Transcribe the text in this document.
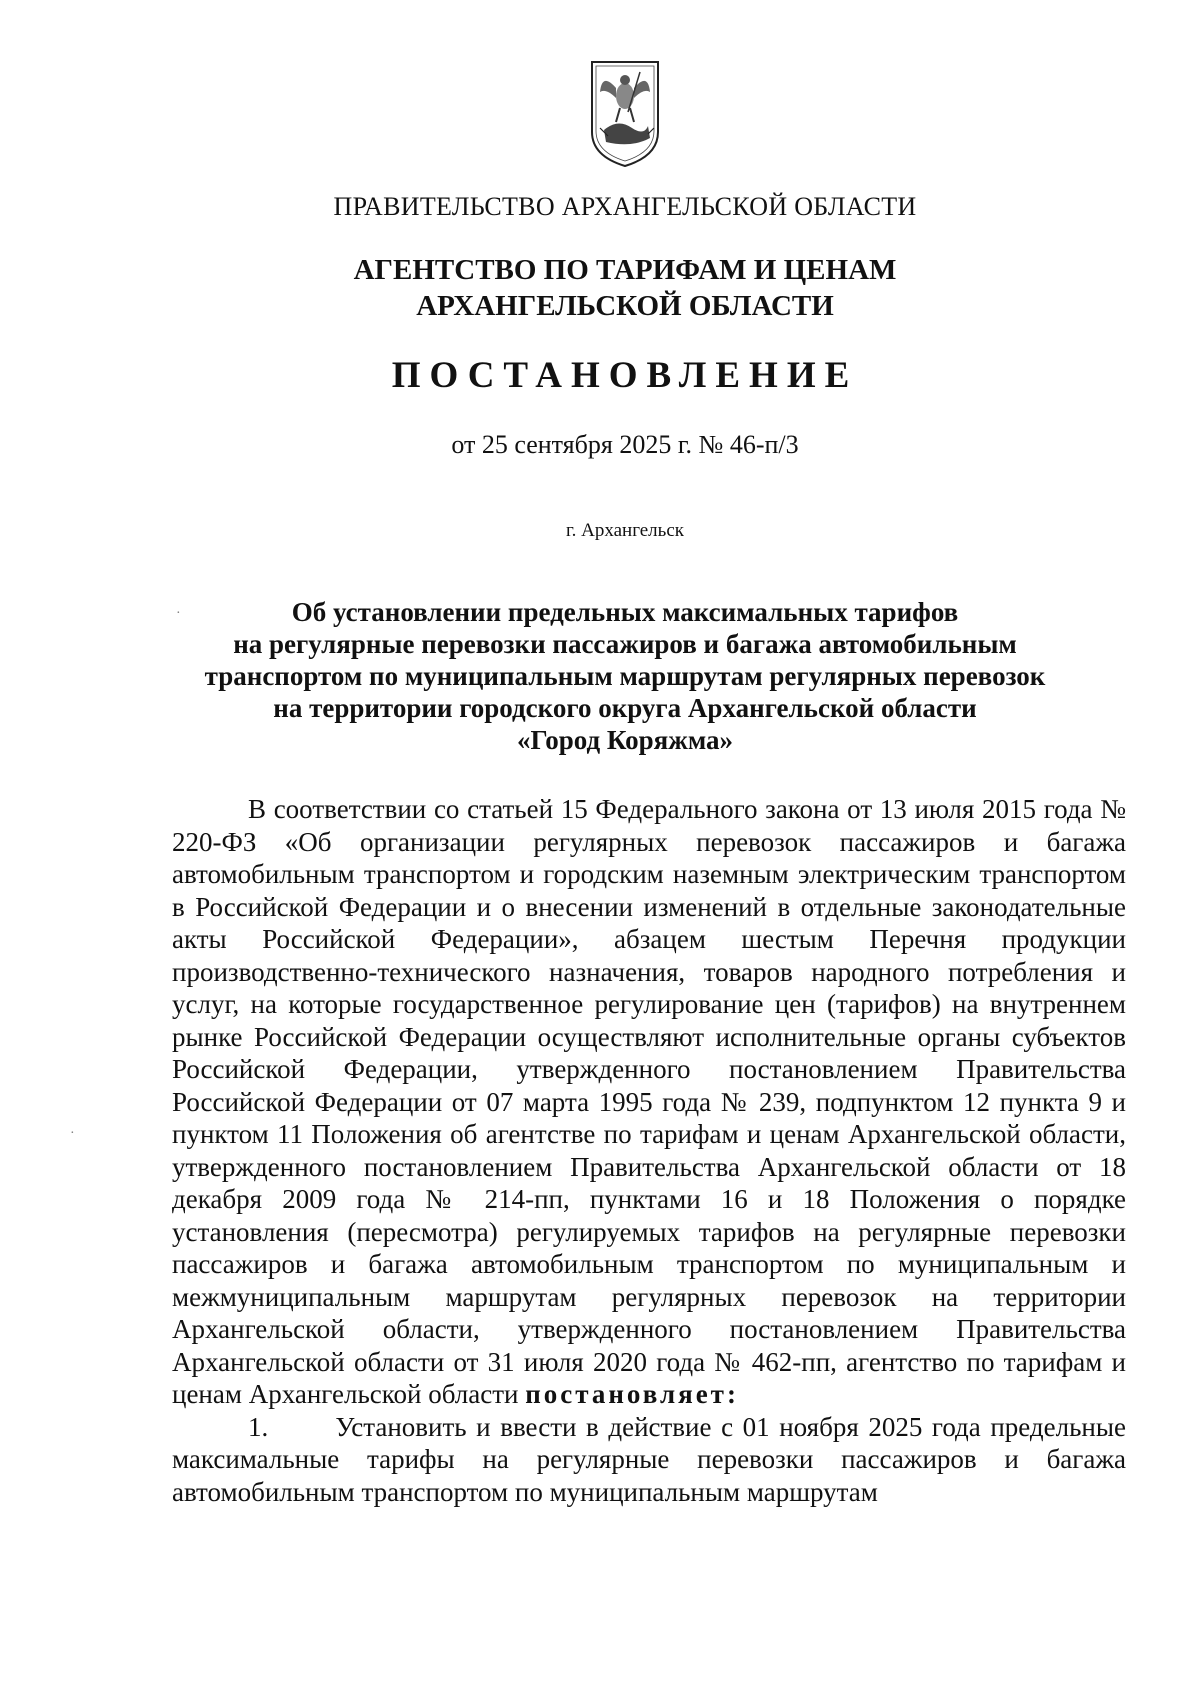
ПРАВИТЕЛЬСТВО АРХАНГЕЛЬСКОЙ ОБЛАСТИ
АГЕНТСТВО ПО ТАРИФАМ И ЦЕНАМ
АРХАНГЕЛЬСКОЙ ОБЛАСТИ
ПОСТАНОВЛЕНИЕ
от 25 сентября 2025 г. № 46-п/3
г. Архангельск
Об установлении предельных максимальных тарифов
на регулярные перевозки пассажиров и багажа автомобильным
транспортом по муниципальным маршрутам регулярных перевозок
на территории городского округа Архангельской области
«Город Коряжма»

В соответствии со статьей 15 Федерального закона от 13 июля 2015 года № 220-ФЗ «Об организации регулярных перевозок пассажиров и багажа автомобильным транспортом и городским наземным электрическим транспортом в Российской Федерации и о внесении изменений в отдельные законодательные акты Российской Федерации», абзацем шестым Перечня продукции производственно-технического назначения, товаров народного потребления и услуг, на которые государственное регулирование цен (тарифов) на внутреннем рынке Российской Федерации осуществляют исполнительные органы субъектов Российской Федерации, утвержденного постановлением Правительства Российской Федерации от 07 марта 1995 года № 239, подпунктом 12 пункта 9 и пунктом 11 Положения об агентстве по тарифам и ценам Архангельской области, утвержденного постановлением Правительства Архангельской области от 18 декабря 2009 года № 214-пп, пунктами 16 и 18 Положения о порядке установления (пересмотра) регулируемых тарифов на регулярные перевозки пассажиров и багажа автомобильным транспортом по муниципальным и межмуниципальным маршрутам регулярных перевозок на территории Архангельской области, утвержденного постановлением Правительства Архангельской области от 31 июля 2020 года № 462-пп, агентство по тарифам и ценам Архангельской области постановляет:

1. Установить и ввести в действие с 01 ноября 2025 года предельные максимальные тарифы на регулярные перевозки пассажиров и багажа автомобильным транспортом по муниципальным маршрутам

·
·
